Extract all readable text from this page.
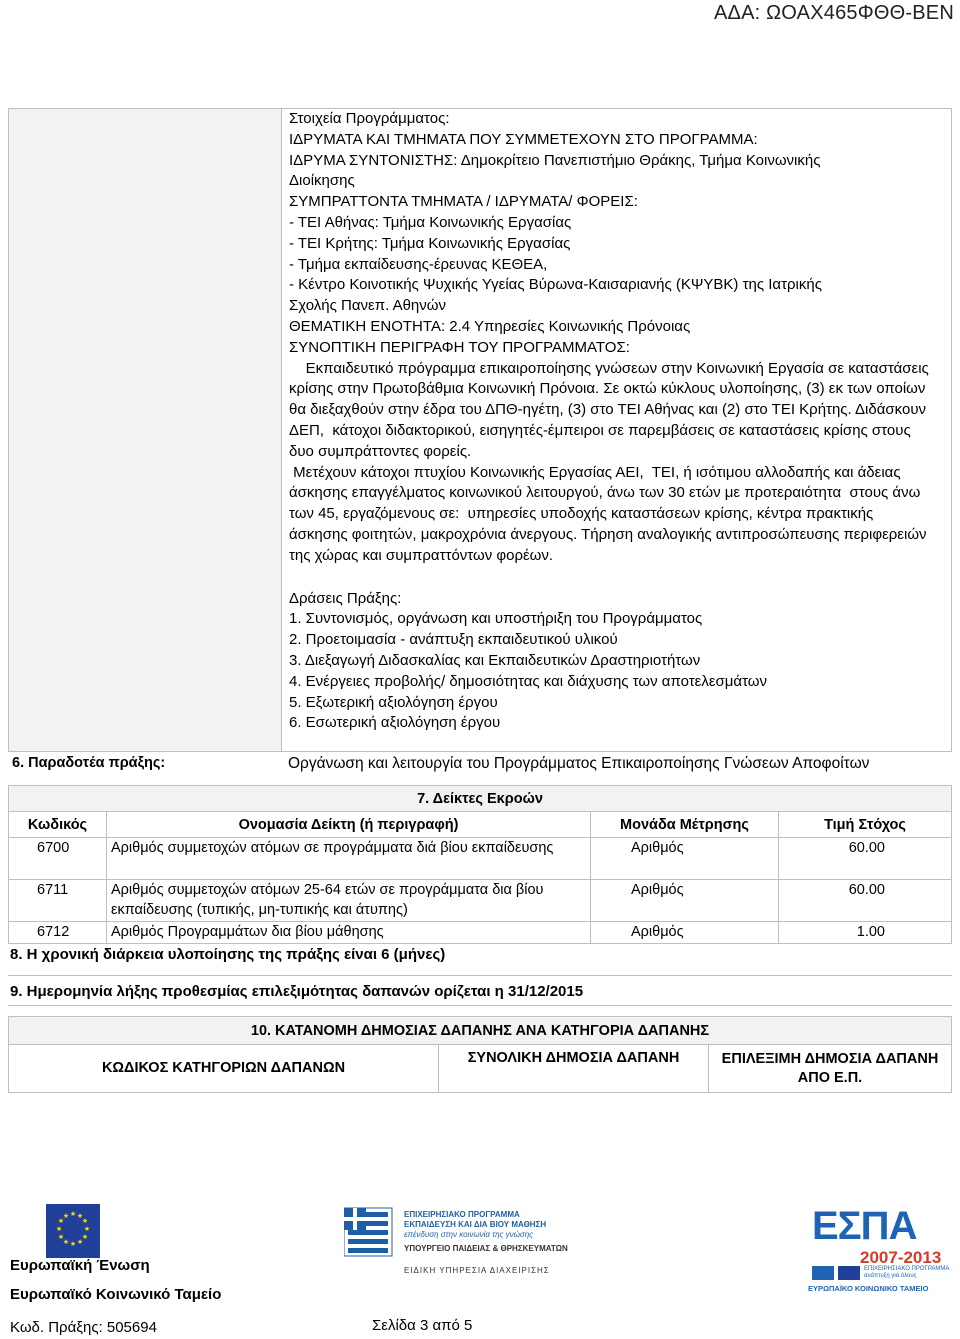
ΑΔΑ: ΩΟΑΧ465ΦΘΘ-ΒΕΝ
Στοιχεία Προγράμματος:
ΙΔΡΥΜΑΤΑ ΚΑΙ ΤΜΗΜΑΤΑ ΠΟΥ ΣΥΜΜΕΤΕΧΟΥΝ ΣΤΟ ΠΡΟΓΡΑΜΜΑ:
ΙΔΡΥΜΑ ΣΥΝΤΟΝΙΣΤΗΣ: Δημοκρίτειο Πανεπιστήμιο Θράκης, Τμήμα Κοινωνικής
Διοίκησης
ΣΥΜΠΡΑΤΤΟΝΤΑ ΤΜΗΜΑΤΑ / ΙΔΡΥΜΑΤΑ/ ΦΟΡΕΙΣ:
- ΤΕΙ Αθήνας: Τμήμα Κοινωνικής Εργασίας
- ΤΕΙ Κρήτης: Τμήμα Κοινωνικής Εργασίας
- Τμήμα εκπαίδευσης-έρευνας ΚΕΘΕΑ,
- Κέντρο Κοινοτικής Ψυχικής Υγείας Βύρωνα-Καισαριανής (ΚΨΥΒΚ) της Ιατρικής
Σχολής Πανεπ. Αθηνών
ΘΕΜΑΤΙΚΗ ΕΝΟΤΗΤΑ: 2.4 Υπηρεσίες Κοινωνικής Πρόνοιας
ΣΥΝΟΠΤΙΚΗ ΠΕΡΙΓΡΑΦΗ ΤΟΥ ΠΡΟΓΡΑΜΜΑΤΟΣ:
Εκπαιδευτικό πρόγραμμα επικαιροποίησης γνώσεων στην Κοινωνική Εργασία σε καταστάσεις κρίσης στην Πρωτοβάθμια Κοινωνική Πρόνοια. Σε οκτώ κύκλους υλοποίησης, (3) εκ των οποίων θα διεξαχθούν στην έδρα του ΔΠΘ-ηγέτη, (3) στο ΤΕΙ Αθήνας και (2) στο ΤΕΙ Κρήτης. Διδάσκουν ΔΕΠ,  κάτοχοι διδακτορικού, εισηγητές-έμπειροι σε παρεμβάσεις σε καταστάσεις κρίσης στους  δυο συμπράττοντες φορείς.
Μετέχουν κάτοχοι πτυχίου Κοινωνικής Εργασίας ΑΕΙ,  ΤΕΙ, ή ισότιμου αλλοδαπής και άδειας άσκησης επαγγέλματος κοινωνικού λειτουργού, άνω των 30 ετών με προτεραιότητα  στους άνω των 45, εργαζόμενους σε:  υπηρεσίες υποδοχής καταστάσεων κρίσης, κέντρα πρακτικής άσκησης φοιτητών, μακροχρόνια άνεργους. Τήρηση αναλογικής αντιπροσώπευσης περιφερειών της χώρας και συμπραττόντων φορέων.
Δράσεις Πράξης:
1. Συντονισμός, οργάνωση και υποστήριξη του Προγράμματος
2. Προετοιμασία - ανάπτυξη εκπαιδευτικού υλικού
3. Διεξαγωγή Διδασκαλίας και Εκπαιδευτικών Δραστηριοτήτων
4. Ενέργειες προβολής/ δημοσιότητας και διάχυσης των αποτελεσμάτων
5. Εξωτερική αξιολόγηση έργου
6. Εσωτερική αξιολόγηση έργου
6. Παραδοτέα πράξης:	Οργάνωση και λειτουργία του Προγράμματος Επικαιροποίησης Γνώσεων Αποφοίτων
7. Δείκτες Εκροών			
Κωδικός	Ονομασία Δείκτη (ή περιγραφή)	Μονάδα Μέτρησης	Τιμή Στόχος
6700	Αριθμός συμμετοχών ατόμων σε προγράμματα διά βίου εκπαίδευσης	Αριθμός	60.00
6711	Αριθμός συμμετοχών ατόμων 25-64 ετών σε προγράμματα δια βίου εκπαίδευσης (τυπικής, μη-τυπικής και άτυπης)	Αριθμός	60.00
6712	Αριθμός Προγραμμάτων δια βίου μάθησης	Αριθμός	1.00
8. Η χρονική διάρκεια υλοποίησης της πράξης είναι 6 (μήνες)
9. Ημερομηνία λήξης προθεσμίας επιλεξιμότητας δαπανών ορίζεται η 31/12/2015
10. ΚΑΤΑΝΟΜΗ ΔΗΜΟΣΙΑΣ ΔΑΠΑΝΗΣ ΑΝΑ ΚΑΤΗΓΟΡΙΑ ΔΑΠΑΝΗΣ
ΚΩΔΙΚΟΣ ΚΑΤΗΓΟΡΙΩΝ ΔΑΠΑΝΩΝ	ΣΥΝΟΛΙΚΗ ΔΗΜΟΣΙΑ ΔΑΠΑΝΗ	ΕΠΙΛΕΞΙΜΗ ΔΗΜΟΣΙΑ ΔΑΠΑΝΗ
ΑΠΟ Ε.Π.
★ ★
★
★
★
★
★
★
★
★
★
★
Ευρωπαϊκή Ένωση
Ευρωπαϊκό Κοινωνικό Ταμείο
ΕΠΙΧΕΙΡΗΣΙΑΚΟ ΠΡΟΓΡΑΜΜΑ
ΕΚΠΑΙΔΕΥΣΗ ΚΑΙ ΔΙΑ ΒΙΟΥ ΜΑΘΗΣΗ
επένδυση στην κοινωνία της γνώσης
ΥΠΟΥΡΓΕΙΟ ΠΑΙΔΕΙΑΣ & ΘΡΗΣΚΕΥΜΑΤΩΝ
ΕΙΔΙΚΗ ΥΠΗΡΕΣΙΑ ΔΙΑΧΕΙΡΙΣΗΣ
ΕΣΠΑ
2007-2013
ΕΠΙΧΕΙΡΗΣΙΑΚΟ ΠΡΟΓΡΑΜΜΑ ανάπτυξη για όλους
ΕΥΡΩΠΑΪΚΟ ΚΟΙΝΩΝΙΚΟ ΤΑΜΕΙΟ
Κωδ. Πράξης: 505694	Σελίδα 3 από 5
